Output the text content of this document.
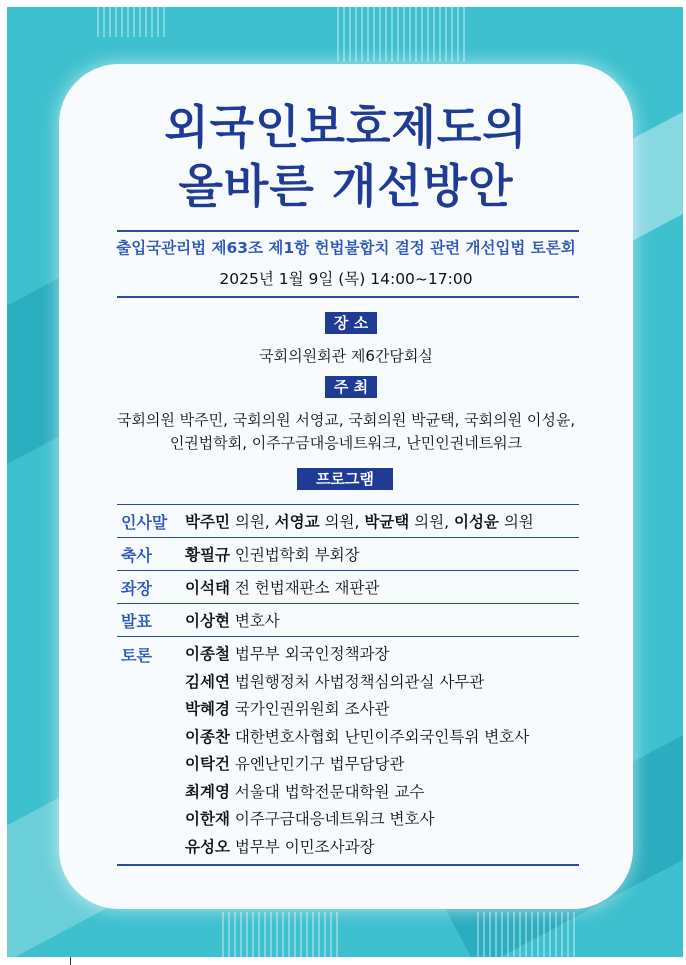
외국인보호제도의
올바른 개선방안
출입국관리법 제63조 제1항 헌법불합치 결정 관련 개선입법 토론회
2025년 1월 9일 (목) 14:00~17:00
장 소
국회의원회관 제6간담회실
주 최
국회의원 박주민, 국회의원 서영교, 국회의원 박균택, 국회의원 이성윤,
인권법학회, 이주구금대응네트워크, 난민인권네트워크
프로그램
인사말	박주민 의원, 서영교 의원, 박균택 의원, 이성윤 의원
축사	황필규 인권법학회 부회장
좌장	이석태 전 헌법재판소 재판관
발표	이상현 변호사
토론	이종철 법무부 외국인정책과장
김세연 법원행정처 사법정책심의관실 사무관
박혜경 국가인권위원회 조사관
이종찬 대한변호사협회 난민이주외국인특위 변호사
이탁건 유엔난민기구 법무담당관
최계영 서울대 법학전문대학원 교수
이한재 이주구금대응네트워크 변호사
유성오 법무부 이민조사과장
